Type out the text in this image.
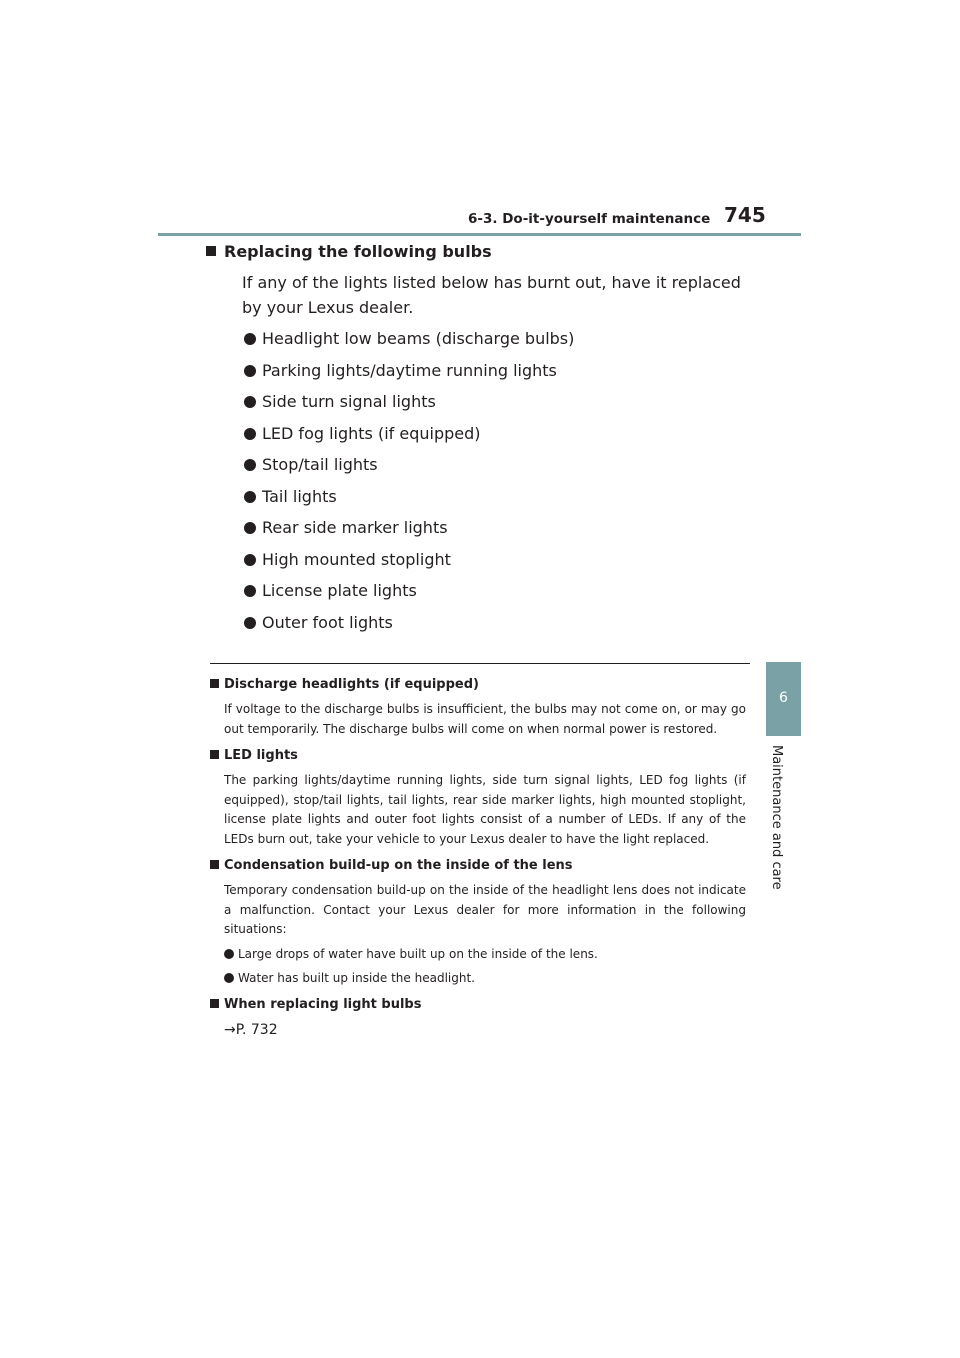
6-3. Do-it-yourself maintenance 745
6
Maintenance and care
Replacing the following bulbs

If any of the lights listed below has burnt out, have it replaced by your Lexus dealer.

Headlight low beams (discharge bulbs)
Parking lights/daytime running lights
Side turn signal lights
LED fog lights (if equipped)
Stop/tail lights
Tail lights
Rear side marker lights
High mounted stoplight
License plate lights
Outer foot lights
Discharge headlights (if equipped)
If voltage to the discharge bulbs is insufficient, the bulbs may not come on, or may go out temporarily. The discharge bulbs will come on when normal power is restored.
LED lights
The parking lights/daytime running lights, side turn signal lights, LED fog lights (if equipped), stop/tail lights, tail lights, rear side marker lights, high mounted stoplight, license plate lights and outer foot lights consist of a number of LEDs. If any of the LEDs burn out, take your vehicle to your Lexus dealer to have the light replaced.
Condensation build-up on the inside of the lens
Temporary condensation build-up on the inside of the headlight lens does not indicate a malfunction. Contact your Lexus dealer for more information in the following situations:
Large drops of water have built up on the inside of the lens.
Water has built up inside the headlight.
When replacing light bulbs
→P. 732
